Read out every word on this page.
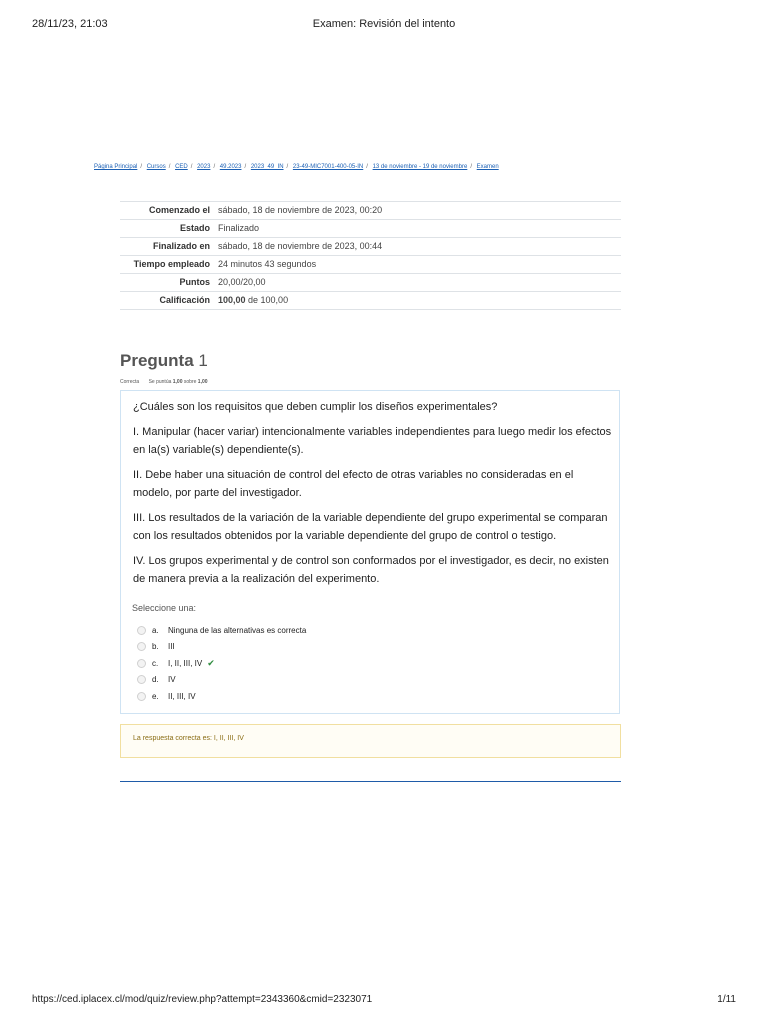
28/11/23, 21:03	Examen: Revisión del intento
Página Principal / Cursos / CED / 2023 / 49.2023 / 2023_49_IN / 23-49-MIC7001-400-05-IN / 13 de noviembre - 19 de noviembre / Examen
Comenzado el	sábado, 18 de noviembre de 2023, 00:20
Estado	Finalizado
Finalizado en	sábado, 18 de noviembre de 2023, 00:44
Tiempo empleado	24 minutos 43 segundos
Puntos	20,00/20,00
Calificación	100,00 de 100,00
Pregunta 1
Correcta Se puntúa 1,00 sobre 1,00

¿Cuáles son los requisitos que deben cumplir los diseños experimentales?

I. Manipular (hacer variar) intencionalmente variables independientes para luego medir los efectos en la(s) variable(s) dependiente(s).

II. Debe haber una situación de control del efecto de otras variables no consideradas en el modelo, por parte del investigador.

III. Los resultados de la variación de la variable dependiente del grupo experimental se comparan con los resultados obtenidos por la variable dependiente del grupo de control o testigo.

IV. Los grupos experimental y de control son conformados por el investigador, es decir, no existen de manera previa a la realización del experimento.

Seleccione una:
a.	Ninguna de las alternativas es correcta
b.	III
c.	I, II, III, IV ✔
d.	IV
e.	II, III, IV
La respuesta correcta es: I, II, III, IV
https://ced.iplacex.cl/mod/quiz/review.php?attempt=2343360&cmid=2323071	1/11
